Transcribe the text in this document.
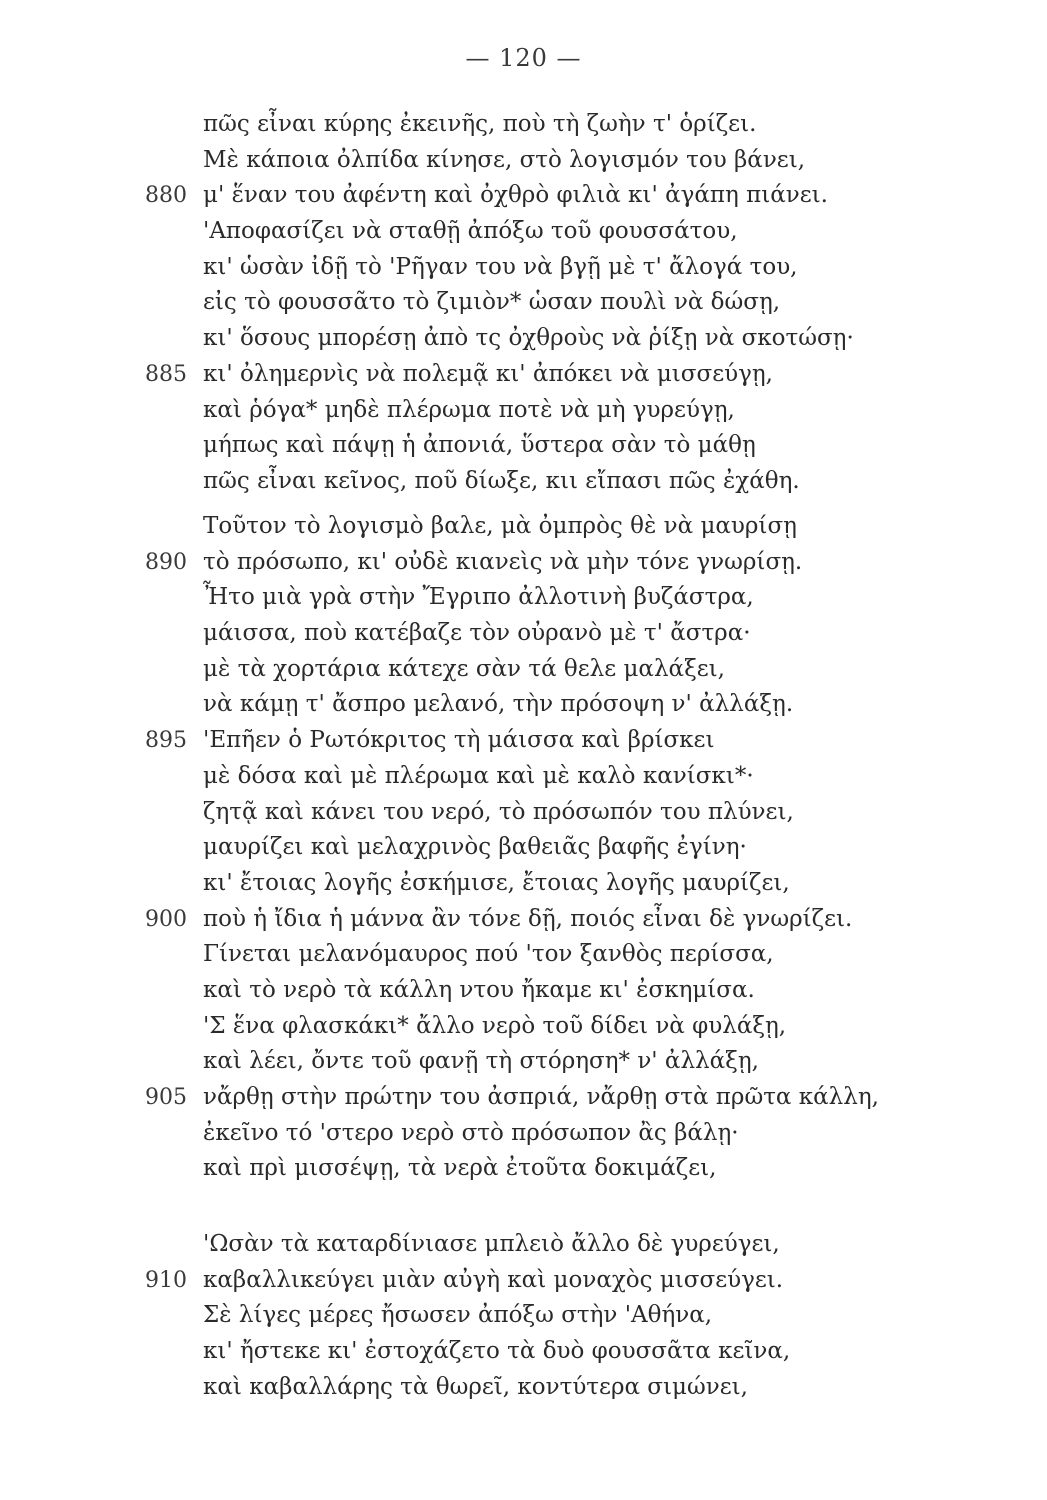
— 120 —
πῶς εἶναι κύρης ἐκεινῆς, ποὺ τὴ ζωὴν τ' ὁρίζει.
Μὲ κάποια ὀλπίδα κίνησε, στὸ λογισμόν του βάνει,
880 μ' ἕναν του ἀφέντη καὶ ὀχθρὸ φιλιὰ κι' ἀγάπη πιάνει.
'Αποφασίζει νὰ σταθῇ ἀπόξω τοῦ φουσσάτου,
κι' ὡσὰν ἰδῇ τὸ 'Ρῆγαν του νὰ βγῇ μὲ τ' ἄλογά του,
εἰς τὸ φουσσᾶτο τὸ ζιμιὸν* ὡσαν πουλὶ νὰ δώσῃ,
κι' ὅσους μπορέσῃ ἀπὸ τς ὀχθροὺς νὰ ῥίξῃ νὰ σκοτώσῃ·
885 κι' ὀλημερνὶς νὰ πολεμᾷ κι' ἀπόκει νὰ μισσεύγῃ,
καὶ ῥόγα* μηδὲ πλέρωμα ποτὲ νὰ μὴ γυρεύγῃ,
μήπως καὶ πάψῃ ἡ ἀπονιά, ὕστερα σὰν τὸ μάθῃ
πῶς εἶναι κεῖνος, ποῦ δίωξε, κιι εἴπασι πῶς ἐχάθη.
Τοῦτον τὸ λογισμὸ βαλε, μὰ ὀμπρὸς θὲ νὰ μαυρίσῃ
890 τὸ πρόσωπο, κι' οὐδὲ κιανεὶς νὰ μὴν τόνε γνωρίσῃ.
Ἦτο μιὰ γρὰ στὴν Ἔγριπο ἀλλοτινὴ βυζάστρα,
μάισσα, ποὺ κατέβαζε τὸν οὐρανὸ μὲ τ' ἄστρα·
μὲ τὰ χορτάρια κάτεχε σὰν τά θελε μαλάξει,
νὰ κάμῃ τ' ἄσπρο μελανό, τὴν πρόσοψη ν' ἀλλάξῃ.
895 'Επῆεν ὁ Ρωτόκριτος τὴ μάισσα καὶ βρίσκει
μὲ δόσα καὶ μὲ πλέρωμα καὶ μὲ καλὸ κανίσκι*·
ζητᾷ καὶ κάνει του νερό, τὸ πρόσωπόν του πλύνει,
μαυρίζει καὶ μελαχρινὸς βαθειᾶς βαφῆς ἐγίνη·
κι' ἔτοιας λογῆς ἐσκήμισε, ἔτοιας λογῆς μαυρίζει,
900 ποὺ ἡ ἴδια ἡ μάννα ἂν τόνε δῇ, ποιός εἶναι δὲ γνωρίζει.
Γίνεται μελανόμαυρος πού 'τον ξανθὸς περίσσα,
καὶ τὸ νερὸ τὰ κάλλη ντου ἤκαμε κι' ἐσκημίσα.
'Σ ἕνα φλασκάκι* ἄλλο νερὸ τοῦ δίδει νὰ φυλάξῃ,
καὶ λέει, ὄντε τοῦ φανῇ τὴ στόρηση* ν' ἀλλάξῃ,
905 νἄρθῃ στὴν πρώτην του ἀσπριά, νἄρθῃ στὰ πρῶτα κάλλη,
ἐκεῖνο τό 'στερο νερὸ στὸ πρόσωπον ἂς βάλῃ·
καὶ πρὶ μισσέψῃ, τὰ νερὰ ἐτοῦτα δοκιμάζει,
'Ωσὰν τὰ καταρδίνιασε μπλειὸ ἄλλο δὲ γυρεύγει,
910 καβαλλικεύγει μιὰν αὐγὴ καὶ μοναχὸς μισσεύγει.
Σὲ λίγες μέρες ἤσωσεν ἀπόξω στὴν 'Αθήνα,
κι' ἤστεκε κι' ἐστοχάζετο τὰ δυὸ φουσσᾶτα κεῖνα,
καὶ καβαλλάρης τὰ θωρεῖ, κοντύτερα σιμώνει,
